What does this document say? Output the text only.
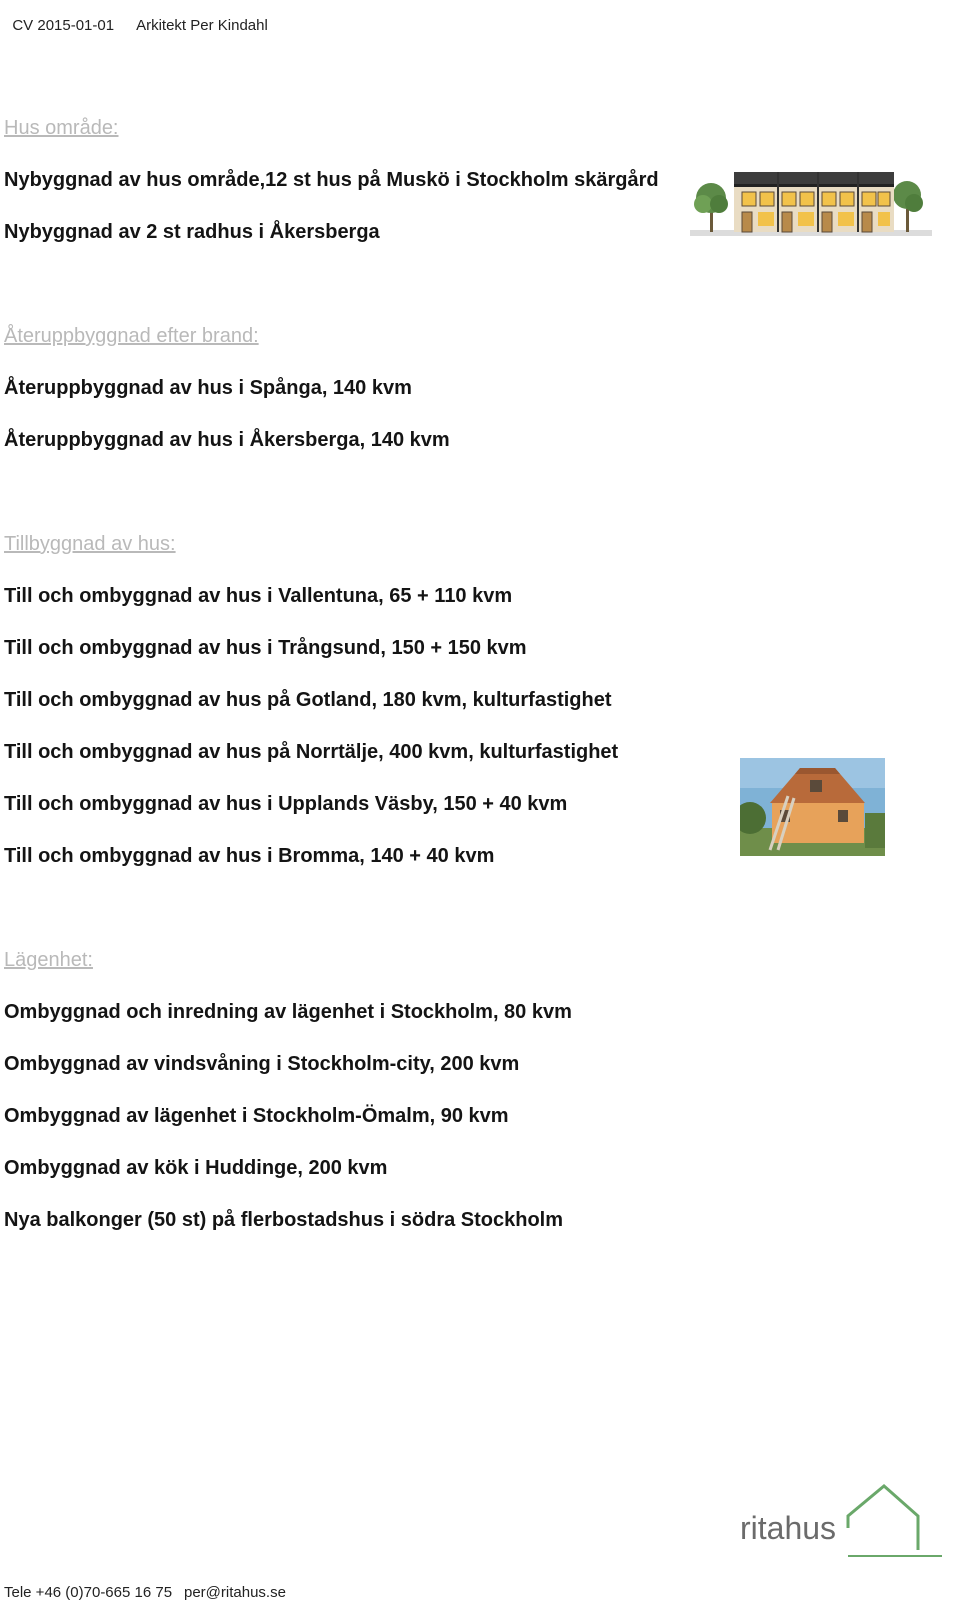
CV 2015-01-01 Arkitekt Per Kindahl

Hus område:
Nybyggnad av hus område,12 st hus på Muskö i Stockholm skärgård
Nybyggnad av 2 st radhus i Åkersberga
Återuppbyggnad efter brand:
Återuppbyggnad av hus i Spånga, 140 kvm
Återuppbyggnad av hus i Åkersberga, 140 kvm
Tillbyggnad av hus:
Till och ombyggnad av hus i Vallentuna, 65 + 110 kvm
Till och ombyggnad av hus i Trångsund, 150 + 150 kvm
Till och ombyggnad av hus på Gotland, 180 kvm, kulturfastighet
Till och ombyggnad av hus på Norrtälje, 400 kvm, kulturfastighet
Till och ombyggnad av hus i Upplands Väsby, 150 + 40 kvm
Till och ombyggnad av hus i Bromma, 140 + 40 kvm
Lägenhet:
Ombyggnad och inredning av lägenhet i Stockholm, 80 kvm
Ombyggnad av vindsvåning i Stockholm-city, 200 kvm
Ombyggnad av lägenhet i Stockholm-Ömalm, 90 kvm
Ombyggnad av kök i Huddinge, 200 kvm
Nya balkonger (50 st) på flerbostadshus i södra Stockholm
Tele +46 (0)70-665 16 75 per@ritahus.se
ritahus
